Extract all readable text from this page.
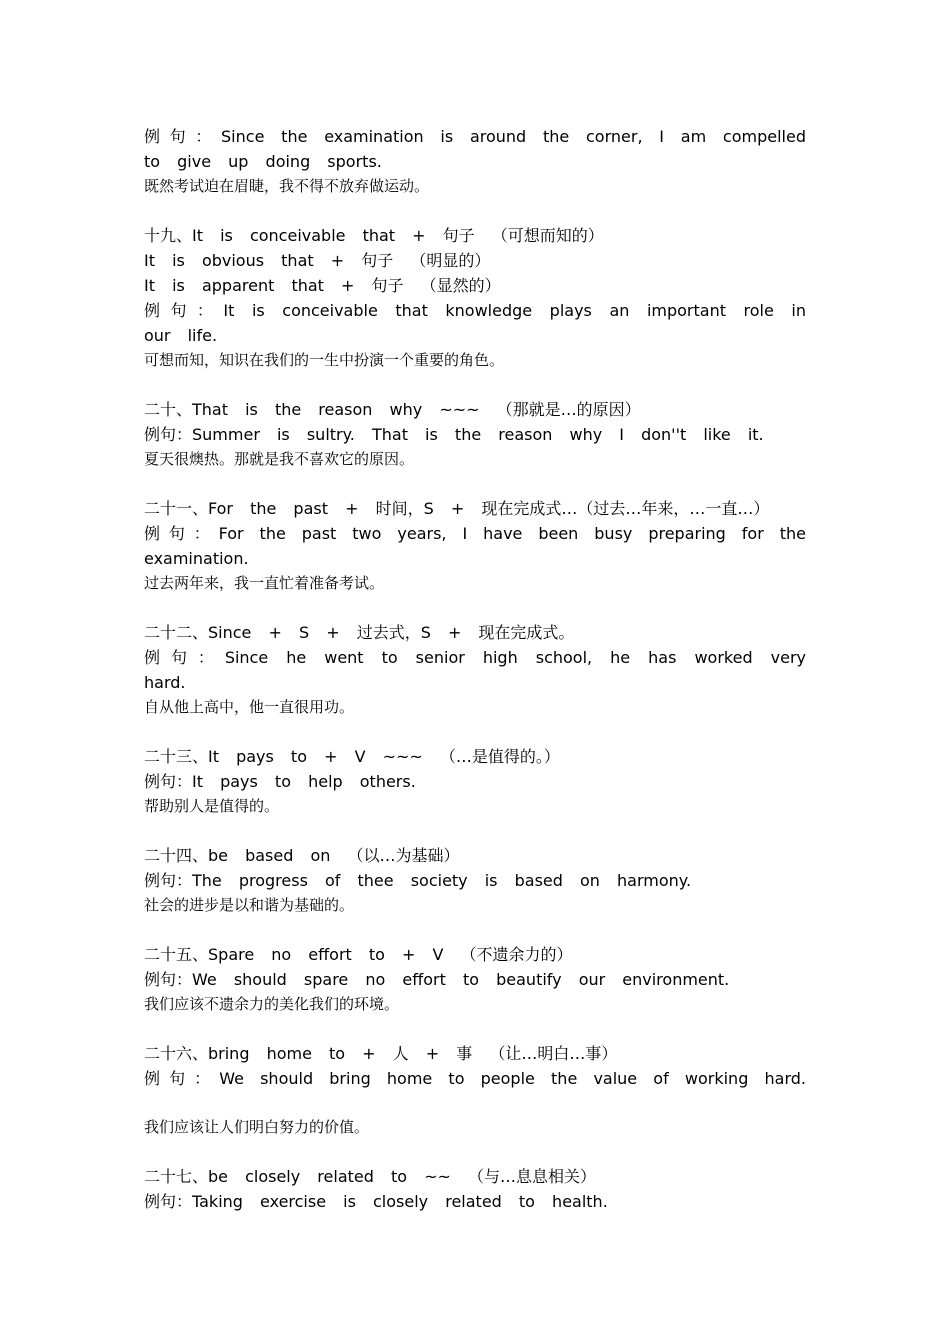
例句：Since the examination is around the corner, I am compelled
to give up doing sports.
既然考试迫在眉睫，我不得不放弃做运动。
十九、It is conceivable that + 句子 （可想而知的）
It is obvious that + 句子 （明显的）
It is apparent that + 句子 （显然的）
例句：It is conceivable that knowledge plays an important role in
our life.
可想而知，知识在我们的一生中扮演一个重要的角色。
二十、That is the reason why ~~~ （那就是…的原因）
例句：Summer is sultry. That is the reason why I don''t like it.
夏天很燠热。那就是我不喜欢它的原因。
二十一、For the past + 时间，S + 现在完成式…（过去…年来，…一直…）
例句：For the past two years, I have been busy preparing for the
examination.
过去两年来，我一直忙着准备考试。
二十二、Since + S + 过去式，S + 现在完成式。
例句：Since he went to senior high school, he has worked very
hard.
自从他上高中，他一直很用功。
二十三、It pays to + V ~~~ （…是值得的。）
例句：It pays to help others.
帮助别人是值得的。
二十四、be based on （以…为基础）
例句：The progress of thee society is based on harmony.
社会的进步是以和谐为基础的。
二十五、Spare no effort to + V （不遗余力的）
例句：We should spare no effort to beautify our environment.
我们应该不遗余力的美化我们的环境。
二十六、bring home to + 人 + 事 （让…明白…事）
例句：We should bring home to people the value of working hard.
我们应该让人们明白努力的价值。
二十七、be closely related to ~~ （与…息息相关）
例句：Taking exercise is closely related to health.
